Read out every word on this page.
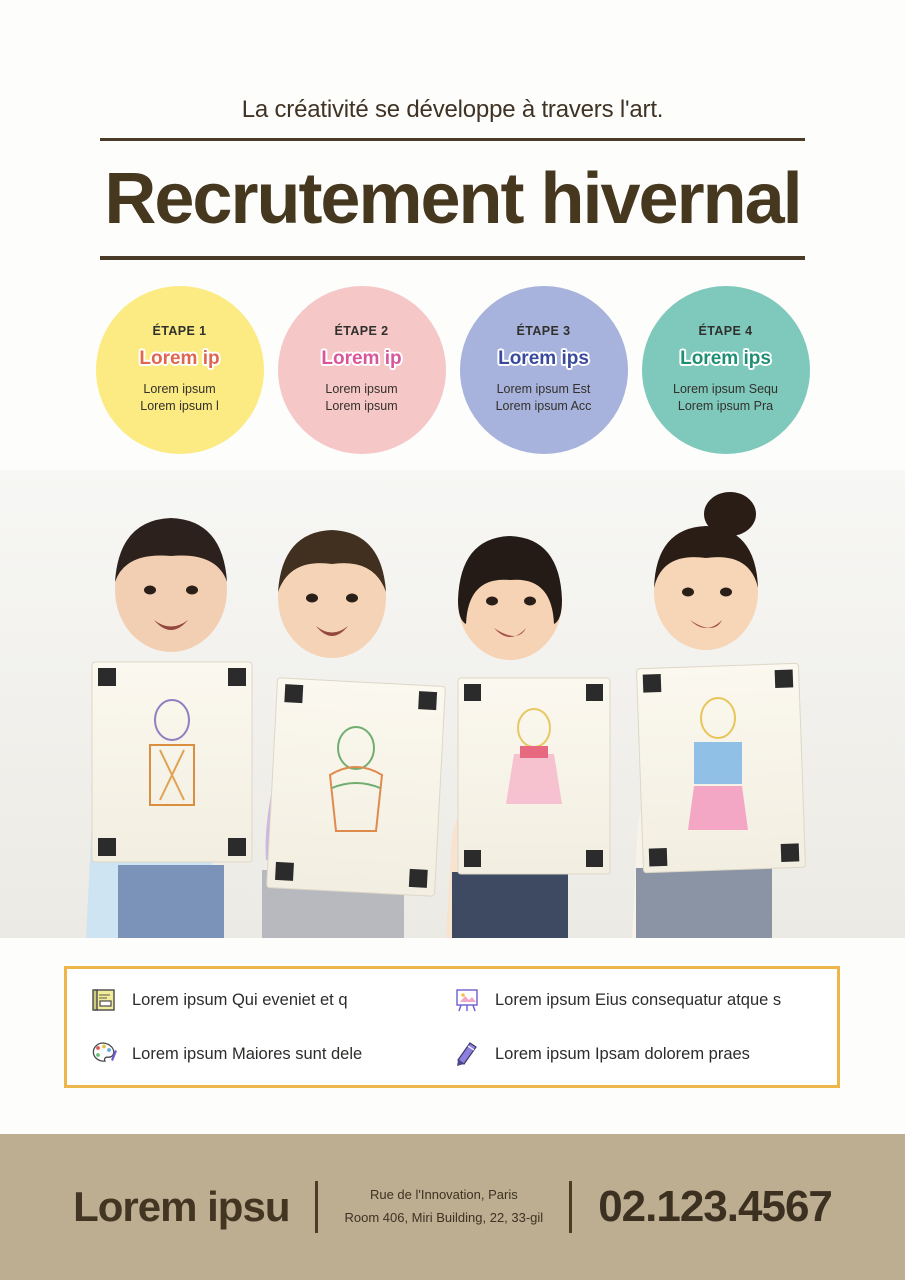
La créativité se développe à travers l'art.
Recrutement hivernal
ÉTAPE 1
Lorem ip
Lorem ipsum
Lorem ipsum l
ÉTAPE 2
Lorem ip
Lorem ipsum
Lorem ipsum
ÉTAPE 3
Lorem ips
Lorem ipsum Est
Lorem ipsum Acc
ÉTAPE 4
Lorem ips
Lorem ipsum Sequ
Lorem ipsum Pra
Lorem ipsum Qui eveniet et q	Lorem ipsum Eius consequatur atque s
Lorem ipsum Maiores sunt dele	Lorem ipsum Ipsam dolorem praes
Lorem ipsu	Rue de l'Innovation, Paris
Room 406, Miri Building, 22, 33-gil 02.123.4567
